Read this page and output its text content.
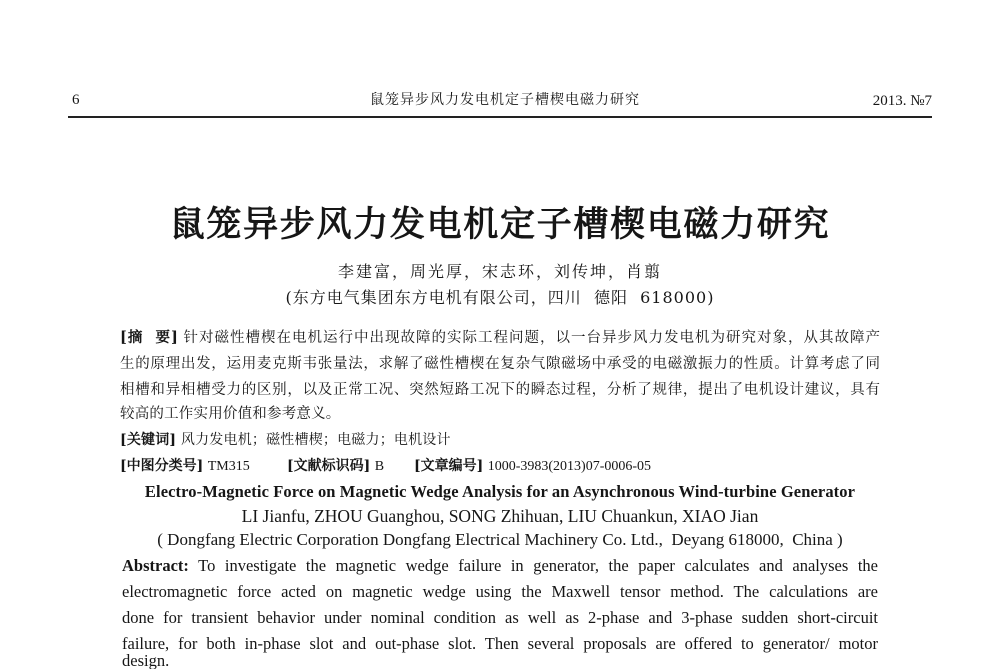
6	鼠笼异步风力发电机定子槽楔电磁力研究	2013. №7
鼠笼异步风力发电机定子槽楔电磁力研究
李建富，周光厚，宋志环，刘传坤，肖翦
(东方电气集团东方电机有限公司，四川  德阳  618000)
[摘  要] 针对磁性槽楔在电机运行中出现故障的实际工程问题，以一台异步风力发电机为研究对象，从其故障产
生的原理出发，运用麦克斯韦张量法，求解了磁性槽楔在复杂气隙磁场中承受的电磁激振力的性质。计算考虑了同
相槽和异相槽受力的区别，以及正常工况、突然短路工况下的瞬态过程，分析了规律，提出了电机设计建议，具有
较高的工作实用价值和参考意义。
[关键词] 风力发电机；磁性槽楔；电磁力；电机设计
[中图分类号] TM315	[文献标识码] B [文章编号] 1000-3983(2013)07-0006-05
Electro-Magnetic Force on Magnetic Wedge Analysis for an Asynchronous Wind-turbine Generator
LI Jianfu, ZHOU Guanghou, SONG Zhihuan, LIU Chuankun, XIAO Jian
( Dongfang Electric Corporation Dongfang Electrical Machinery Co. Ltd.,  Deyang 618000,  China )
Abstract: To investigate the magnetic wedge failure in generator, the paper calculates and analyses the
electromagnetic force acted on magnetic wedge using the Maxwell tensor method. The calculations are
done for transient behavior under nominal condition as well as 2-phase and 3-phase sudden short-circuit
failure, for both in-phase slot and out-phase slot. Then several proposals are offered to generator/ motor
design.
